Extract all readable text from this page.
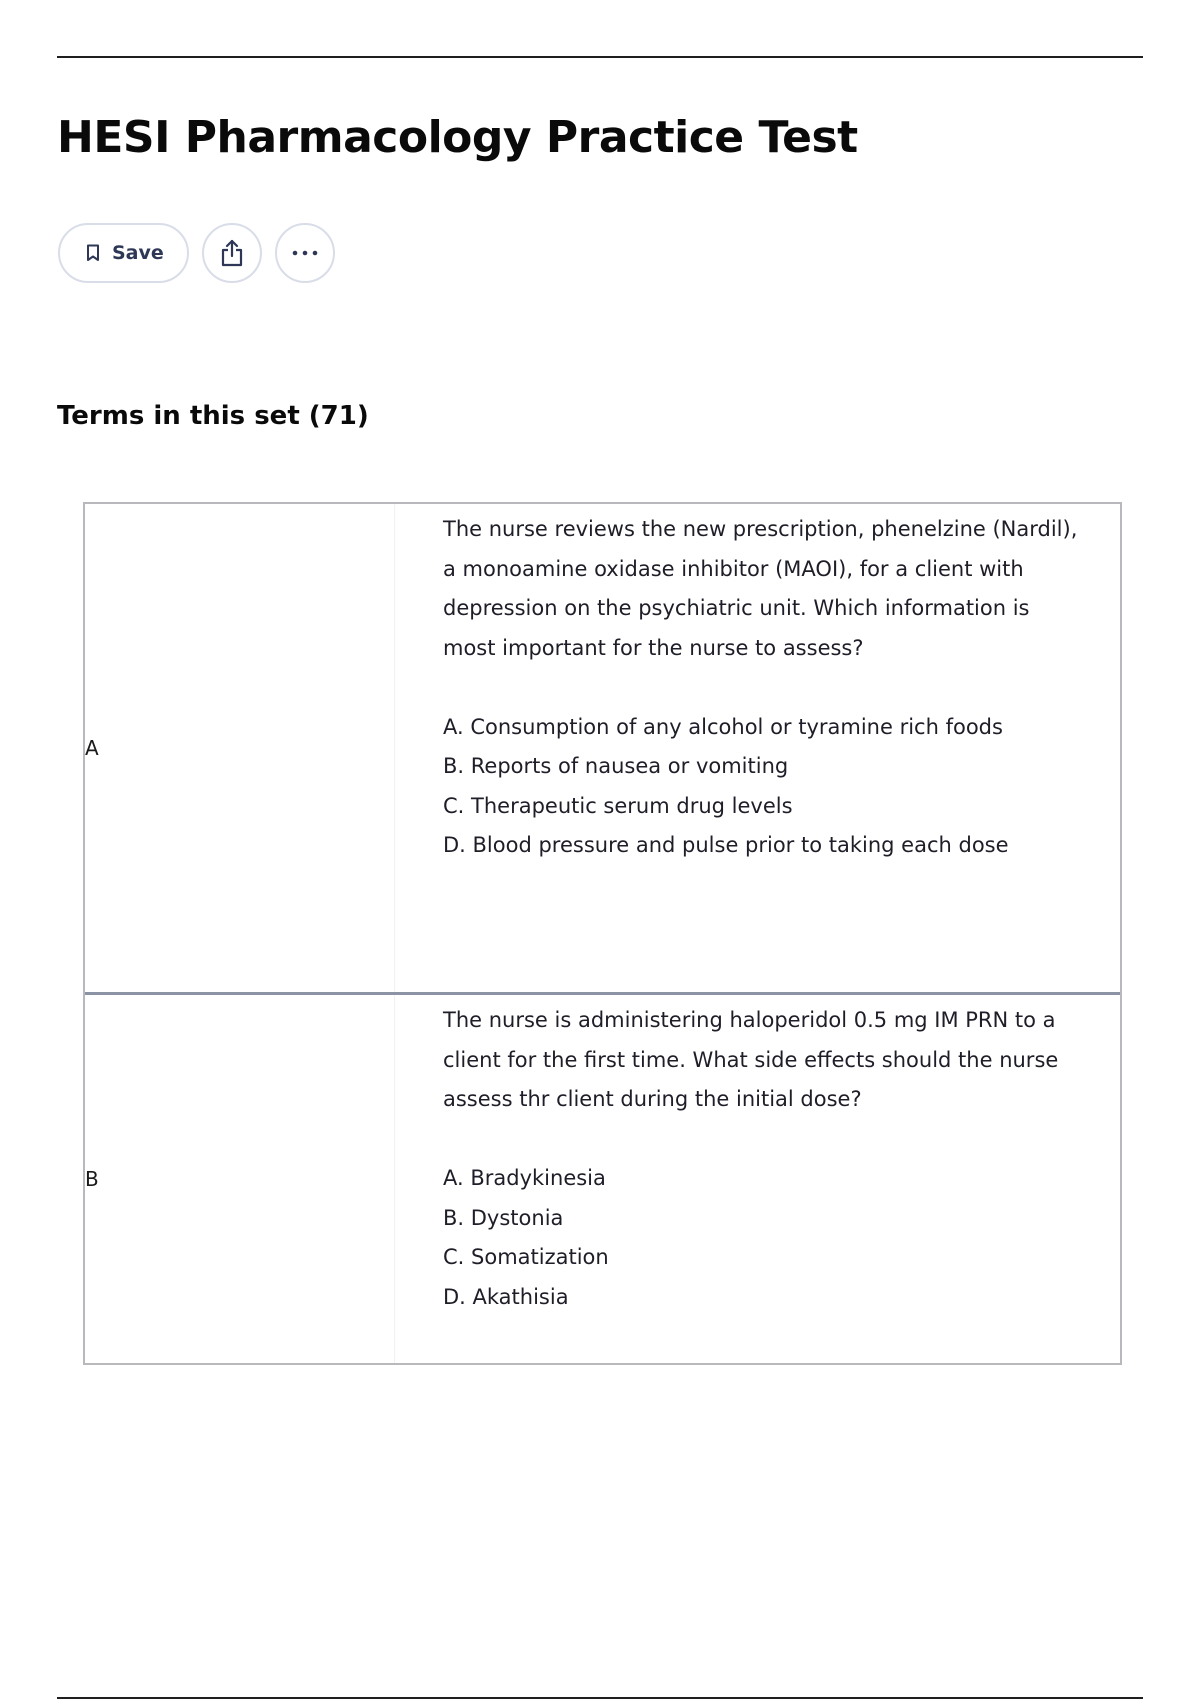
HESI Pharmacology Practice Test
Save
Terms in this set (71)
A

The nurse reviews the new prescription, phenelzine (Nardil), a monoamine oxidase inhibitor (MAOI), for a client with depression on the psychiatric unit. Which information is most important for the nurse to assess?

A. Consumption of any alcohol or tyramine rich foods
B. Reports of nausea or vomiting
C. Therapeutic serum drug levels
D. Blood pressure and pulse prior to taking each dose
B

The nurse is administering haloperidol 0.5 mg IM PRN to a client for the first time. What side effects should the nurse assess thr client during the initial dose?

A. Bradykinesia
B. Dystonia
C. Somatization
D. Akathisia
